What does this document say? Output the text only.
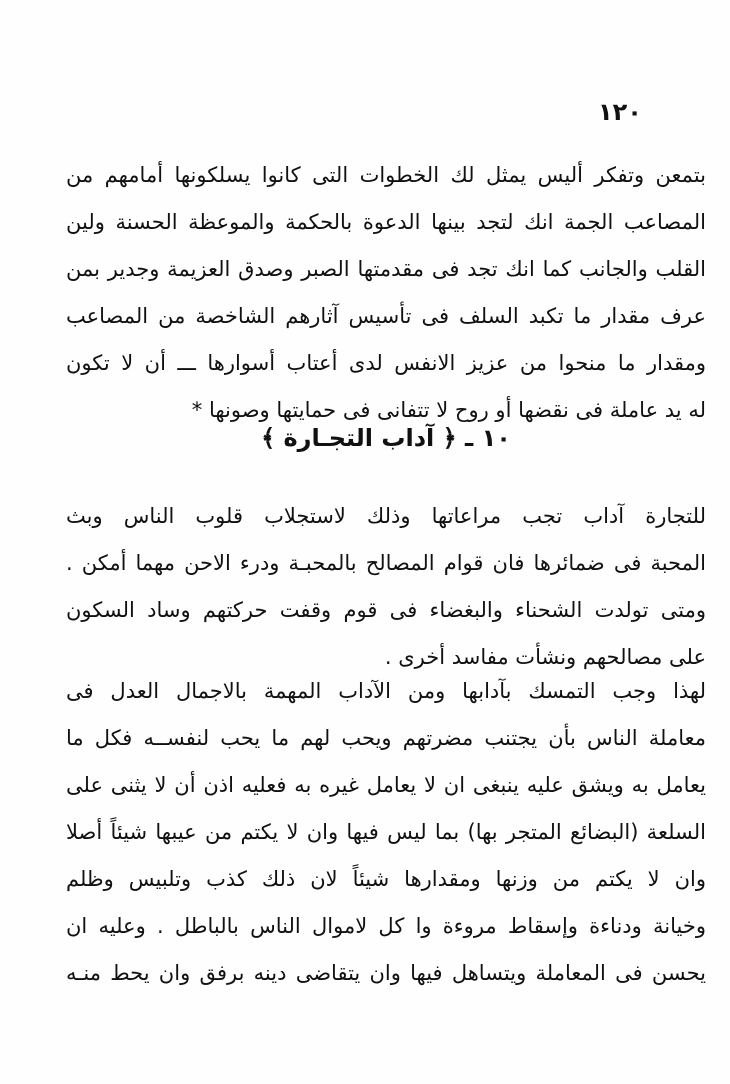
١٢٠
بتمعن وتفكر أليس يمثل لك الخطوات التى كانوا يسلكونها أمامهم من
المصاعب الجمة انك لتجد بينها الدعوة بالحكمة والموعظة الحسنة ولين
القلب والجانب كما انك تجد فى مقدمتها الصبر وصدق العزيمة وجدير بمن
عرف مقدار ما تكبد السلف فى تأسيس آثارهم الشاخصة من المصاعب
ومقدار ما منحوا من عزيز الانفس لدى أعتاب أسوارها ـــ أن لا تكون
له يد عاملة فى نقضها أو روح لا تتفانى فى حمايتها وصونها *
١٠ ـ ﴿ آداب التجـارة ﴾
للتجارة آداب تجب مراعاتها وذلك لاستجلاب قلوب الناس وبث
المحبة فى ضمائرها فان قوام المصالح بالمحبـة ودرء الاحن مهما أمكن .
ومتى تولدت الشحناء والبغضاء فى قوم وقفت حركتهم وساد السكون
على مصالحهم ونشأت مفاسد أخرى .
لهذا وجب التمسك بآدابها ومن الآداب المهمة بالاجمال العدل فى
معاملة الناس بأن يجتنب مضرتهم ويحب لهم ما يحب لنفســه فكل ما
يعامل به ويشق عليه ينبغى ان لا يعامل غيره به فعليه اذن أن لا يثنى على
السلعة (البضائع المتجر بها) بما ليس فيها وان لا يكتم من عيبها شيئاً أصلا
وان لا يكتم من وزنها ومقدارها شيئاً لان ذلك كذب وتلبيس وظلم
وخيانة ودناءة وإسقاط مروءة وا كل لاموال الناس بالباطل . وعليه ان
يحسن فى المعاملة ويتساهل فيها وان يتقاضى دينه برفق وان يحط منـه
